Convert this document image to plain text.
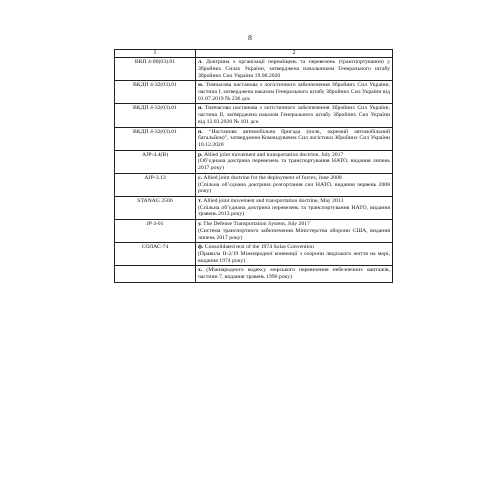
8
1	2
ВКП 4-00(03).01	л. Доктрина з організації переміщень та перевезень (транспортування) у Збройних Силах України, затверджена начальником Генерального штабу Збройних Сил України 19.08.2020

ВКДП 4-32(03).01	м. Тимчасова настанова з логістичного забезпечення Збройних Сил України, частина І, затверджена наказом Генерального штабу Збройних Сил України від 01.07.2019 № 236 дск

ВКДП 4-32(03).01	н. Тимчасова настанова з логістичного забезпечення Збройних Сил України, частина ІІ, затверджена наказом Генерального штабу Збройних Сил України від 12.03.2020 № 101 дск

ВКДП 4-32(03).01	п. “Настанова автомобільна бригада (полк, окремий автомобільний батальйон)”, затверджена Командувачем Сил логістики Збройних Сил України 10.12.2020

AJP-4.4(B)	р. Allied joint movement and transportation doctrine, July 2017
(Об’єднана доктрина перевезень та транспортування НАТО, видання липень 2017 року)

AJP-3.13	с. Allied joint doctrine for the deployment of forces, June 2008
(Спільна об’єднана доктрина розгортання сил НАТО, видання червень 2008 року)

STANAG 2506	т. Allied joint movement and transportation doctrine, May 2013
(Спільна об’єднана доктрина перевезень та транспортування НАТО, видання травень 2013 року)

JP 4-01	у. The Defense Transportation System, July 2017
(Система транспортного забезпечення Міністерства оборони США, видання липень 2017 року)

СОЛАС-74	ф. Consolidated text of the 1974 Solas Convention
(Правила ІІ-2/19 Міжнародної конвенції з охорони людського життя на морі, видання 1974 року)

	х. (Міжнародного кодексу морського перевезення небезпечних вантажів, частини 7, видання травень 1996 року)
